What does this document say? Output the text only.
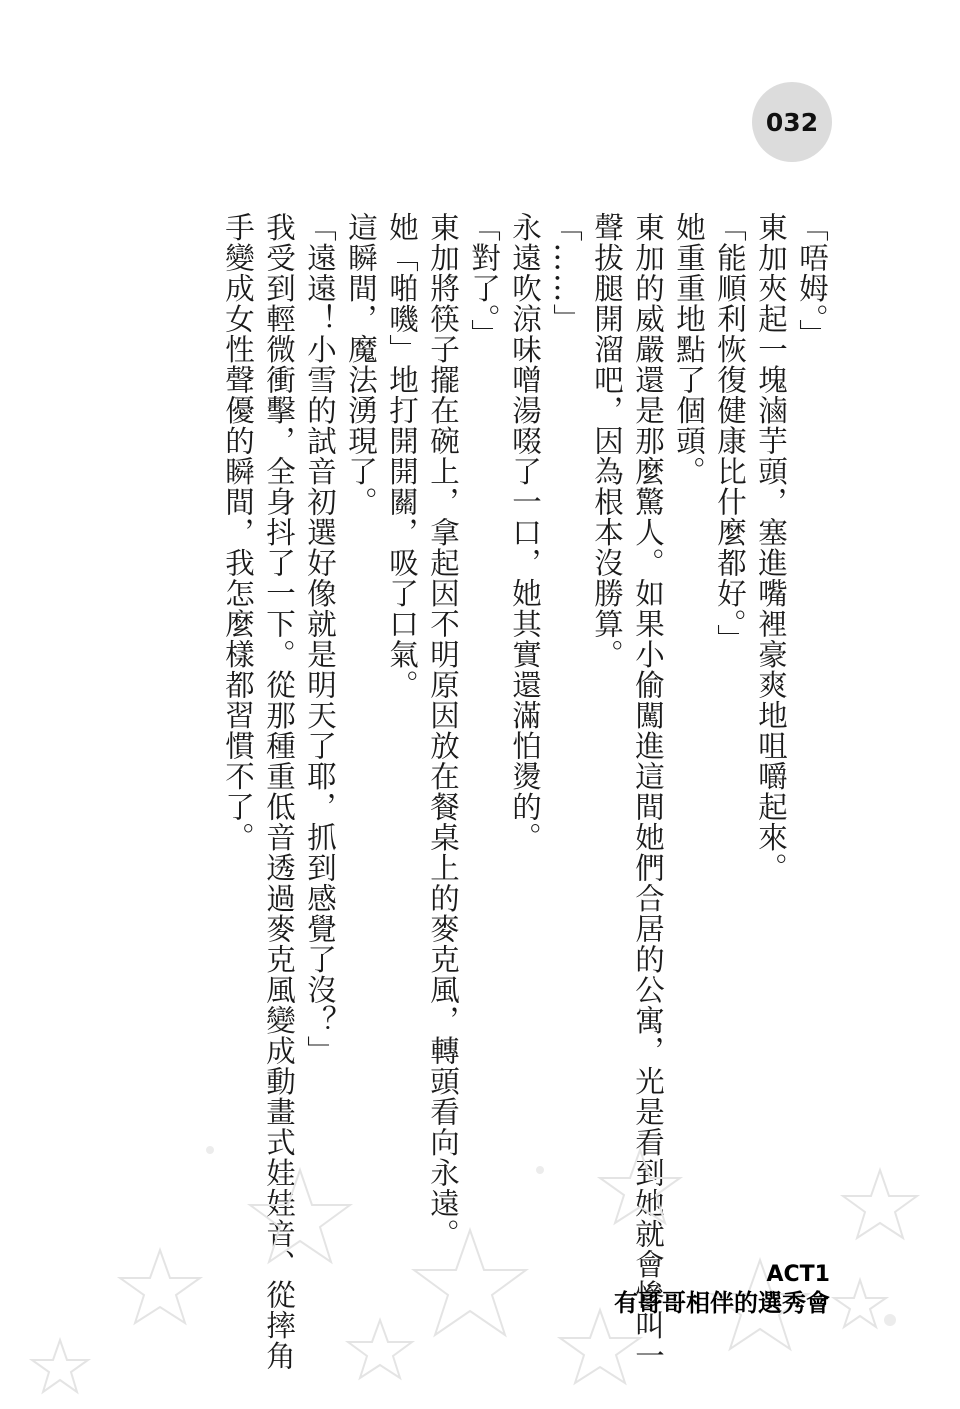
032
「唔姆。」
東加夾起一塊滷芋頭，塞進嘴裡豪爽地咀嚼起來。
「能順利恢復健康比什麼都好。」
她重重地點了個頭。
東加的威嚴還是那麼驚人。如果小偷闖進這間她們合居的公寓，光是看到她就會慘叫一
聲拔腿開溜吧，因為根本沒勝算。
「……」
永遠吹涼味噌湯啜了一口，她其實還滿怕燙的。
「對了。」
東加將筷子擺在碗上，拿起因不明原因放在餐桌上的麥克風，轉頭看向永遠。
她「啪嘰」地打開開關，吸了口氣。
這瞬間，魔法湧現了。
「遠遠！小雪的試音初選好像就是明天了耶，抓到感覺了沒？」
我受到輕微衝擊，全身抖了一下。從那種重低音透過麥克風變成動畫式娃娃音、從摔角
手變成女性聲優的瞬間，我怎麼樣都習慣不了。
ACT1
有哥哥相伴的選秀會
